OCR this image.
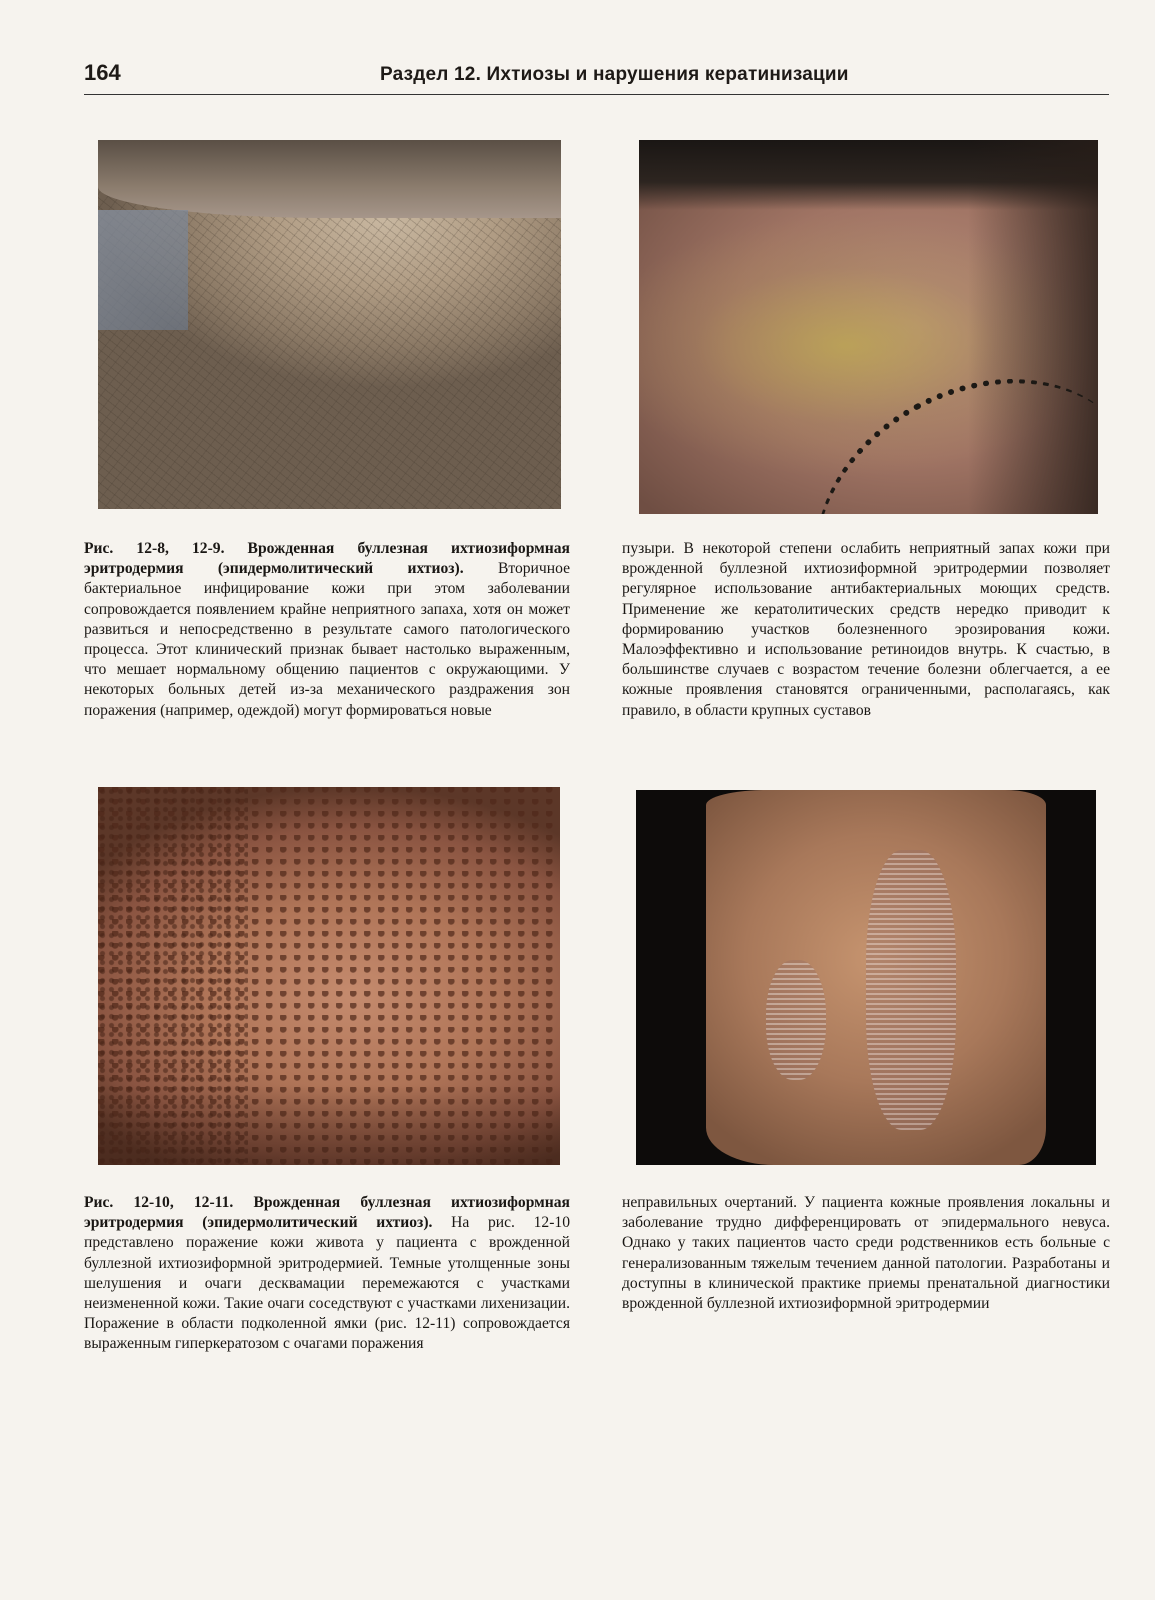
164	Раздел 12. Ихтиозы и нарушения кератинизации
Рис. 12-8, 12-9. Врожденная буллезная ихтиозиформная эритродермия (эпидермолитический ихтиоз). Вторичное бактериальное инфицирование кожи при этом заболевании сопровождается появлением крайне неприятного запаха, хотя он может развиться и непосредственно в результате самого патологического процесса. Этот клинический признак бывает настолько выраженным, что мешает нормальному общению пациентов с окружающими. У некоторых больных детей из-за механического раздражения зон поражения (например, одеждой) могут формироваться новые
пузыри. В некоторой степени ослабить неприятный запах кожи при врожденной буллезной ихтиозиформной эритродермии позволяет регулярное использование антибактериальных моющих средств. Применение же кератолитических средств нередко приводит к формированию участков болезненного эрозирования кожи. Малоэффективно и использование ретиноидов внутрь. К счастью, в большинстве случаев с возрастом течение болезни облегчается, а ее кожные проявления становятся ограниченными, располагаясь, как правило, в области крупных суставов
Рис. 12-10, 12-11. Врожденная буллезная ихтиозиформная эритродермия (эпидермолитический ихтиоз). На рис. 12-10 представлено поражение кожи живота у пациента с врожденной буллезной ихтиозиформной эритродермией. Темные утолщенные зоны шелушения и очаги десквамации перемежаются с участками неизмененной кожи. Такие очаги соседствуют с участками лихенизации. Поражение в области подколенной ямки (рис. 12-11) сопровождается выраженным гиперкератозом с очагами поражения
неправильных очертаний. У пациента кожные проявления локальны и заболевание трудно дифференцировать от эпидермального невуса. Однако у таких пациентов часто среди родственников есть больные с генерализованным тяжелым течением данной патологии. Разработаны и доступны в клинической практике приемы пренатальной диагностики врожденной буллезной ихтиозиформной эритродермии
